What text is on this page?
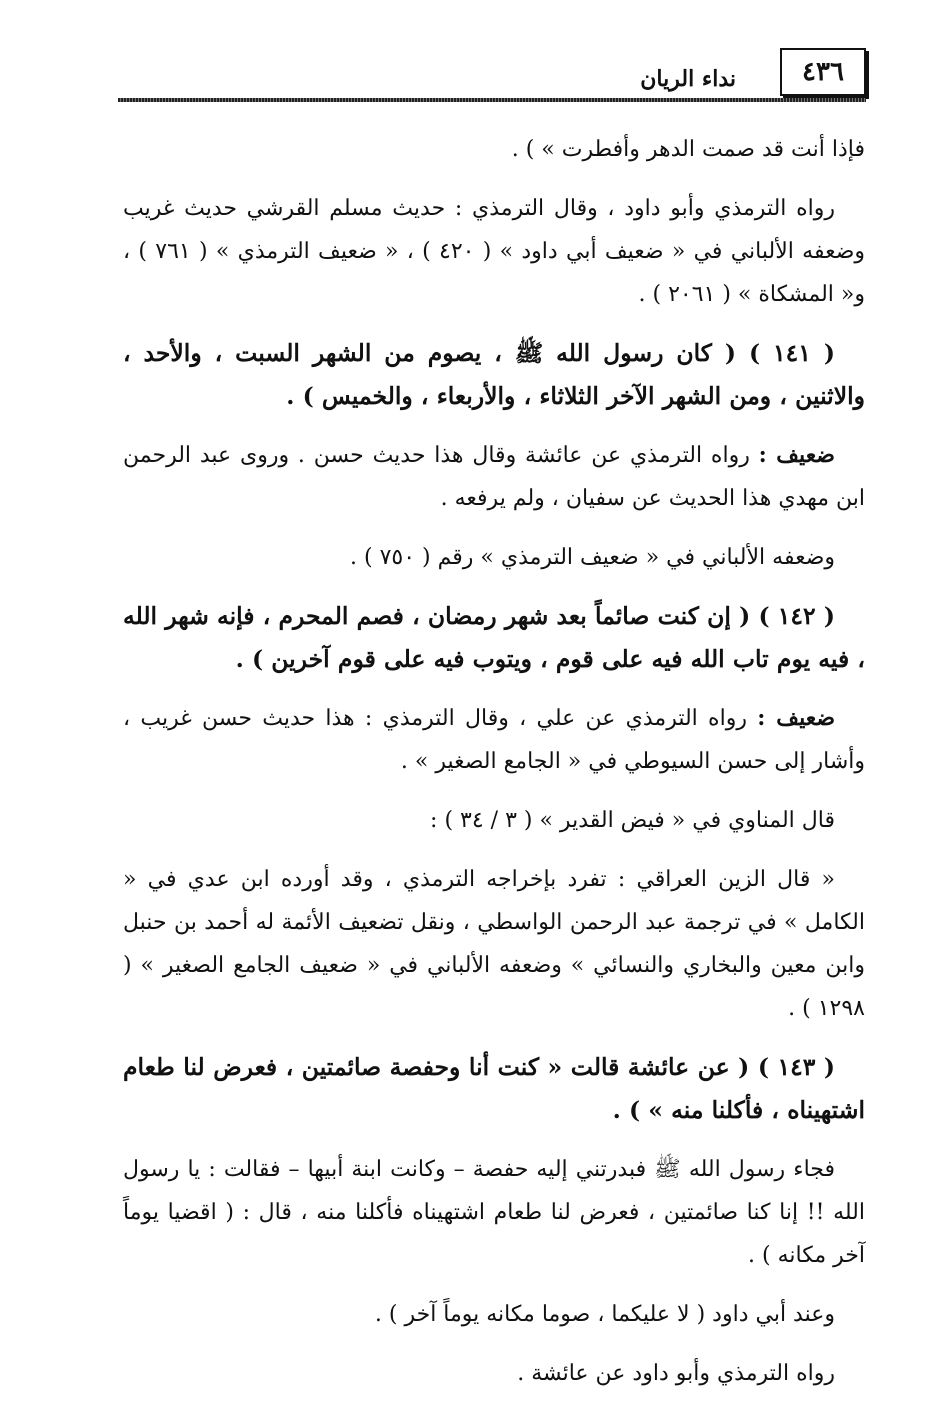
٤٣٦
نداء الريان

فإذا أنت قد صمت الدهر وأفطرت » ) .

رواه الترمذي وأبو داود ، وقال الترمذي : حديث مسلم القرشي حديث غريب وضعفه الألباني في « ضعيف أبي داود » ( ٤٢٠ ) ، « ضعيف الترمذي » ( ٧٦١ ) ، و« المشكاة » ( ٢٠٦١ ) .

( ١٤١ ) ( كان رسول الله ﷺ ، يصوم من الشهر السبت ، والأحد ، والاثنين ، ومن الشهر الآخر الثلاثاء ، والأربعاء ، والخميس ) .

ضعيف : رواه الترمذي عن عائشة وقال هذا حديث حسن . وروى عبد الرحمن ابن مهدي هذا الحديث عن سفيان ، ولم يرفعه .

وضعفه الألباني في « ضعيف الترمذي » رقم ( ٧٥٠ ) .

( ١٤٢ ) ( إن كنت صائماً بعد شهر رمضان ، فصم المحرم ، فإنه شهر الله ، فيه يوم تاب الله فيه على قوم ، ويتوب فيه على قوم آخرين ) .

ضعيف : رواه الترمذي عن علي ، وقال الترمذي : هذا حديث حسن غريب ، وأشار إلى حسن السيوطي في « الجامع الصغير » .

قال المناوي في « فيض القدير » ( ٣ / ٣٤ ) :

« قال الزين العراقي : تفرد بإخراجه الترمذي ، وقد أورده ابن عدي في « الكامل » في ترجمة عبد الرحمن الواسطي ، ونقل تضعيف الأئمة له أحمد بن حنبل وابن معين والبخاري والنسائي » وضعفه الألباني في « ضعيف الجامع الصغير » ( ١٢٩٨ ) .

( ١٤٣ ) ( عن عائشة قالت « كنت أنا وحفصة صائمتين ، فعرض لنا طعام اشتهيناه ، فأكلنا منه » ) .

فجاء رسول الله ﷺ فبدرتني إليه حفصة – وكانت ابنة أبيها – فقالت : يا رسول الله !! إنا كنا صائمتين ، فعرض لنا طعام اشتهيناه فأكلنا منه ، قال : ( اقضيا يوماً آخر مكانه ) .

وعند أبي داود ( لا عليكما ، صوما مكانه يوماً آخر ) .

رواه الترمذي وأبو داود عن عائشة .
